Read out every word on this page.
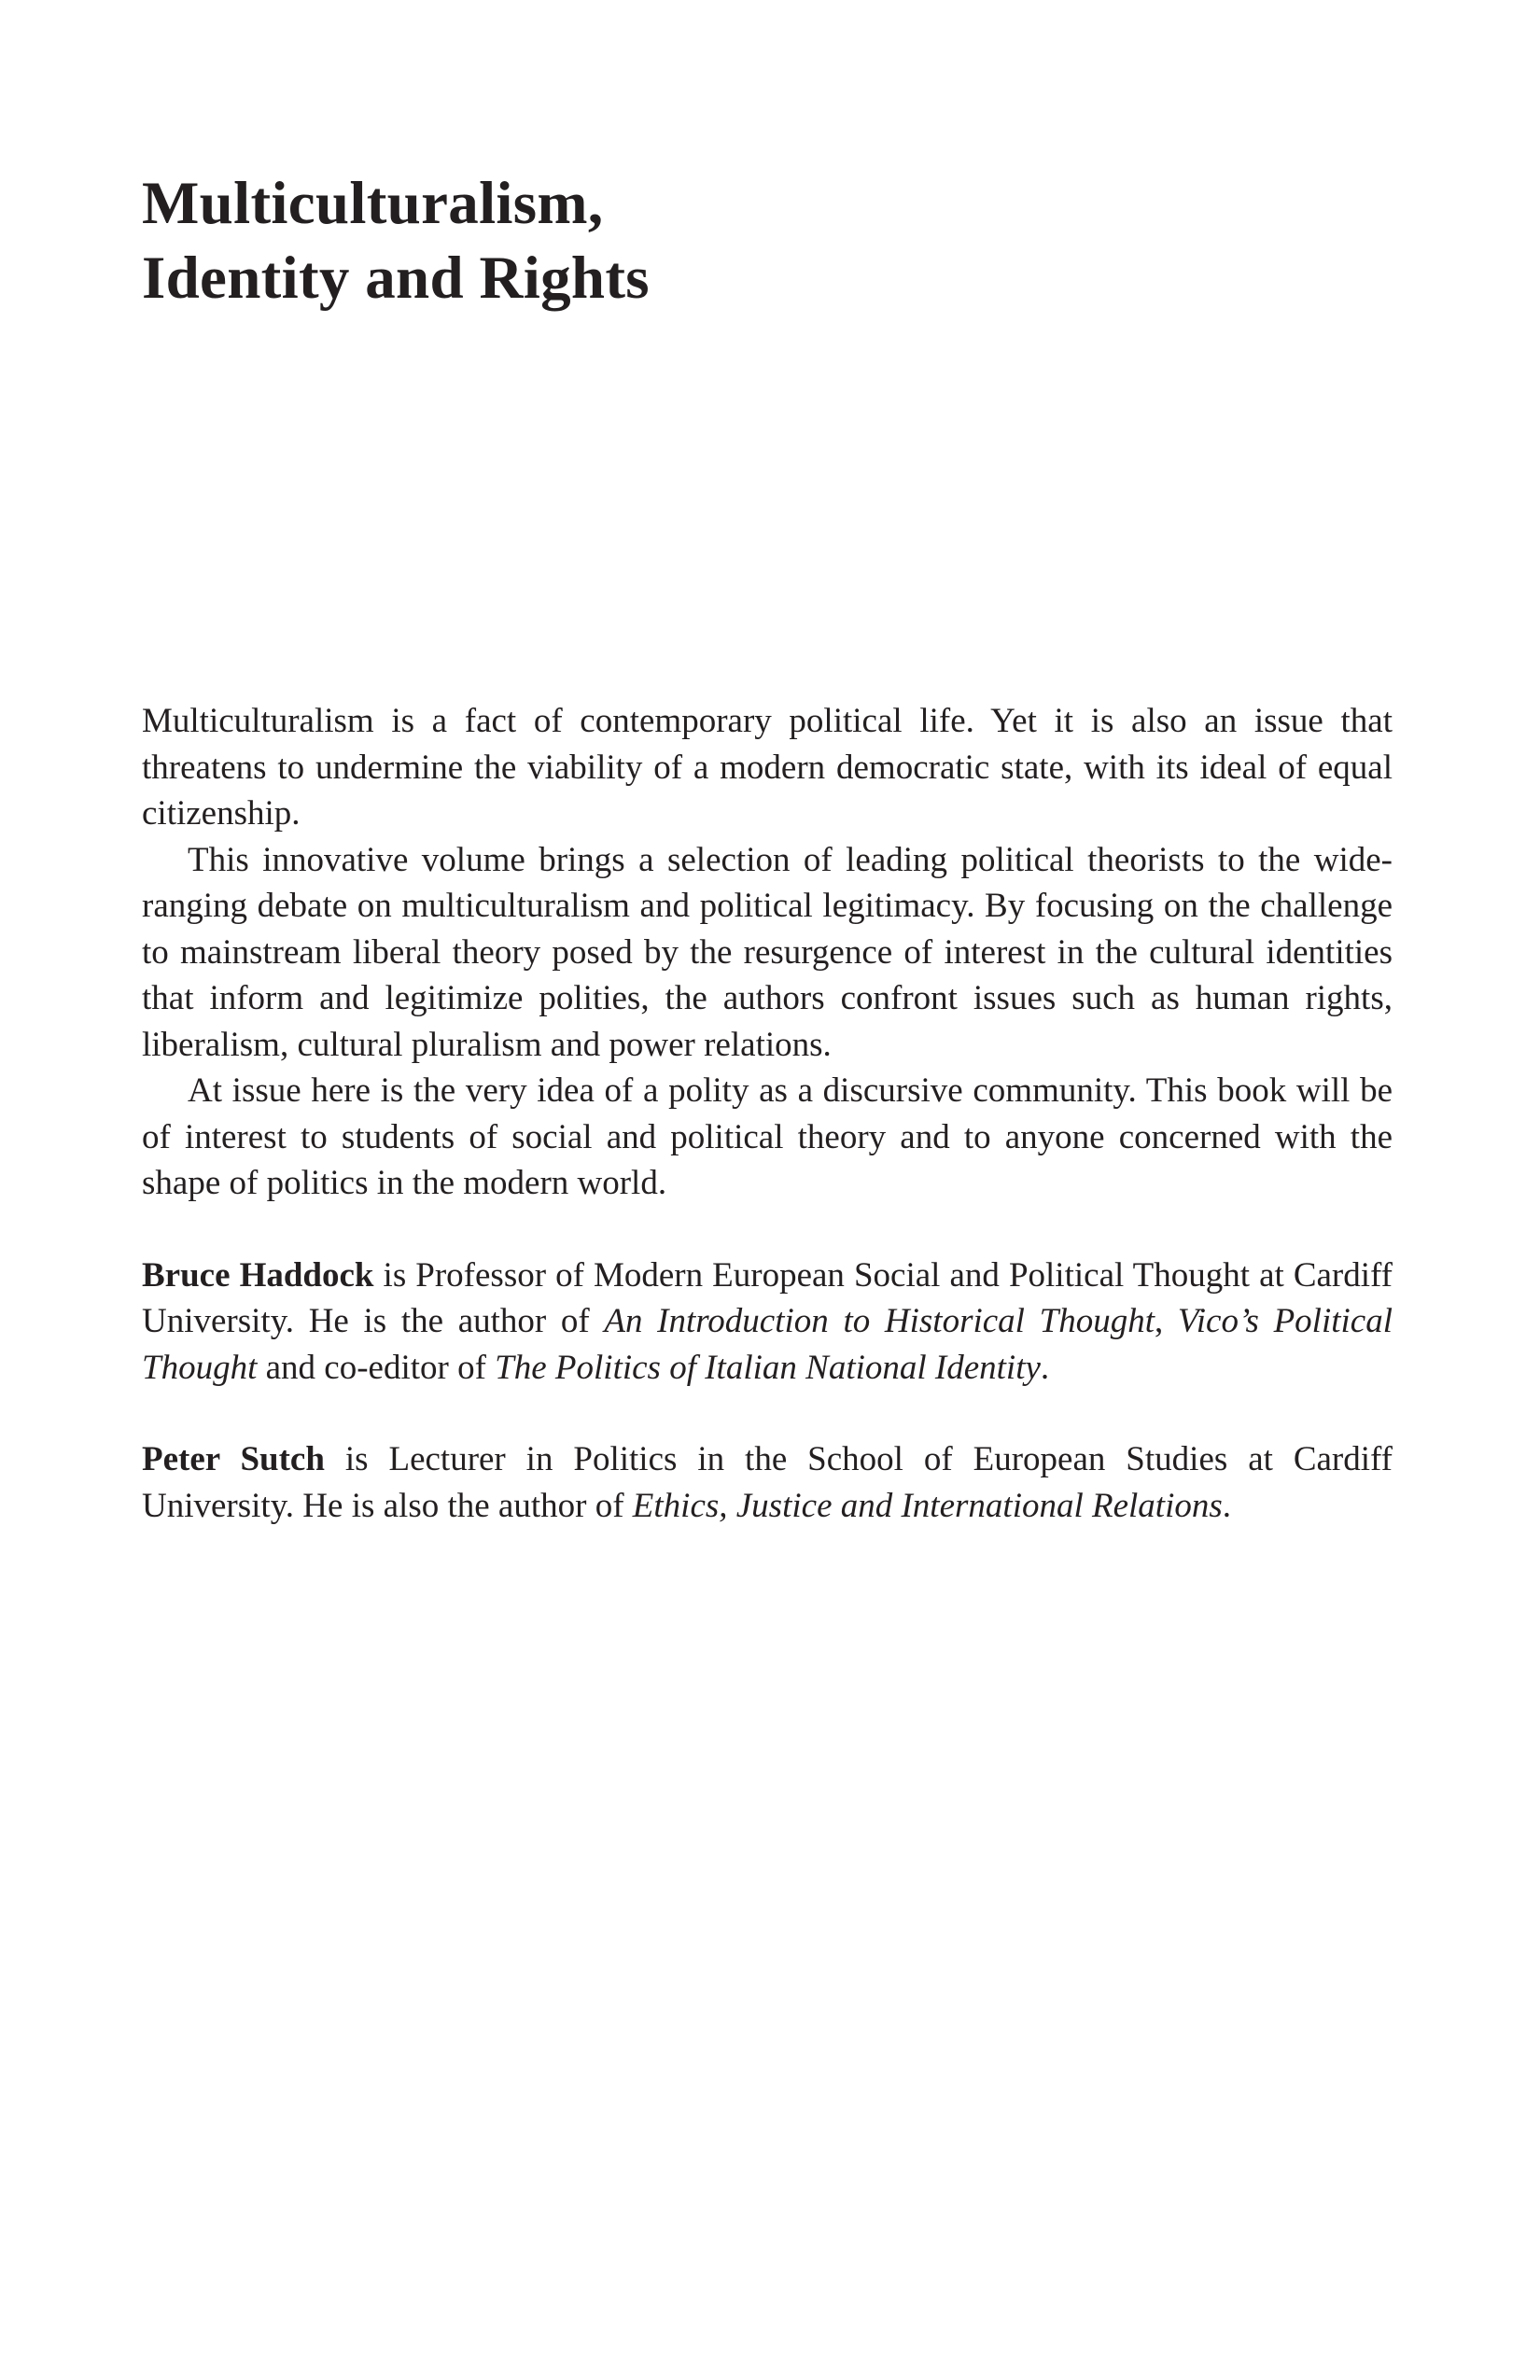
Multiculturalism,
Identity and Rights

Multiculturalism is a fact of contemporary political life. Yet it is also an issue that threatens to undermine the viability of a modern democratic state, with its ideal of equal citizenship.

This innovative volume brings a selection of leading political theorists to the wide-ranging debate on multiculturalism and political legitimacy. By focusing on the challenge to mainstream liberal theory posed by the resurgence of interest in the cultural identities that inform and legitimize polities, the authors confront issues such as human rights, liberalism, cultural pluralism and power relations.

At issue here is the very idea of a polity as a discursive community. This book will be of interest to students of social and political theory and to anyone concerned with the shape of politics in the modern world.

Bruce Haddock is Professor of Modern European Social and Political Thought at Cardiff University. He is the author of An Introduction to Historical Thought, Vico’s Political Thought and co-editor of The Politics of Italian National Identity.

Peter Sutch is Lecturer in Politics in the School of European Studies at Cardiff University. He is also the author of Ethics, Justice and International Relations.
